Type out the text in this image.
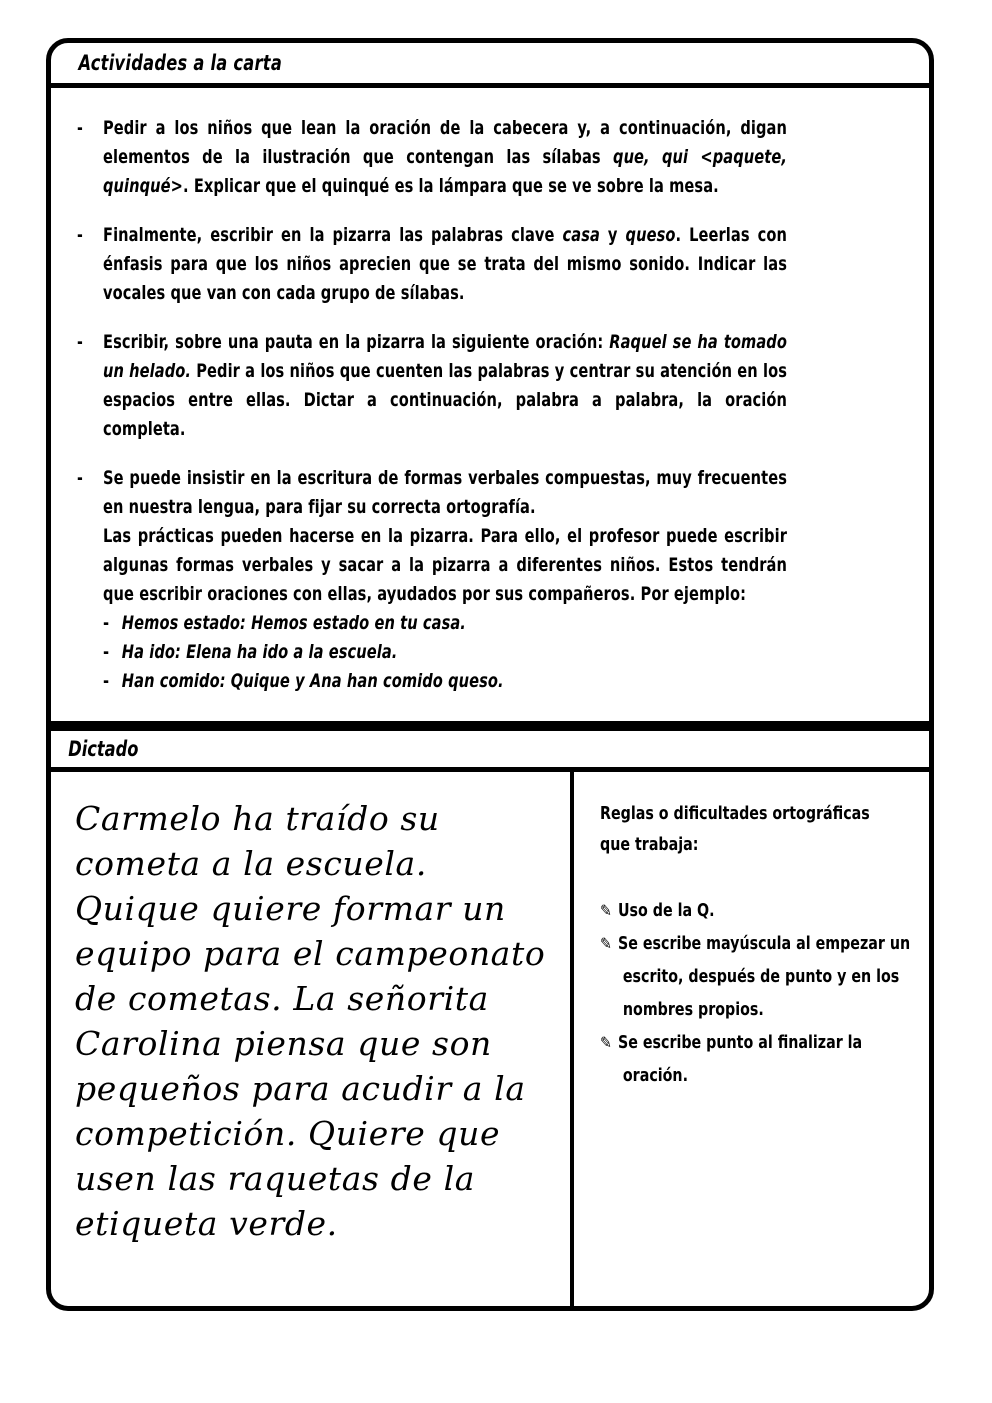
Actividades a la carta
-	Pedir a los niños que lean la oración de la cabecera y, a continuación, digan elementos de la ilustración que contengan las sílabas que, qui <paquete, quinqué>. Explicar que el quinqué es la lámpara que se ve sobre la mesa.
-	Finalmente, escribir en la pizarra las palabras clave casa y queso. Leerlas con énfasis para que los niños aprecien que se trata del mismo sonido. Indicar las vocales que van con cada grupo de sílabas.
-	Escribir, sobre una pauta en la pizarra la siguiente oración: Raquel se ha tomado un helado. Pedir a los niños que cuenten las palabras y centrar su atención en los espacios entre ellas. Dictar a continuación, palabra a palabra, la oración completa.
-	Se puede insistir en la escritura de formas verbales compuestas, muy frecuentes en nuestra lengua, para fijar su correcta ortografía.
Las prácticas pueden hacerse en la pizarra. Para ello, el profesor puede escribir algunas formas verbales y sacar a la pizarra a diferentes niños. Estos tendrán que escribir oraciones con ellas, ayudados por sus compañeros. Por ejemplo:
- Hemos estado: Hemos estado en tu casa.
- Ha ido: Elena ha ido a la escuela.
- Han comido: Quique y Ana han comido queso.
Dictado
Carmelo ha traído su cometa a la escuela. Quique quiere formar un equipo para el campeonato de cometas. La señorita Carolina piensa que son pequeños para acudir a la competición. Quiere que usen las raquetas de la etiqueta verde.
Reglas o dificultades ortográficas
que trabaja:
✎ Uso de la Q.
✎ Se escribe mayúscula al empezar un escrito, después de punto y en los nombres propios.
✎ Se escribe punto al finalizar la oración.
